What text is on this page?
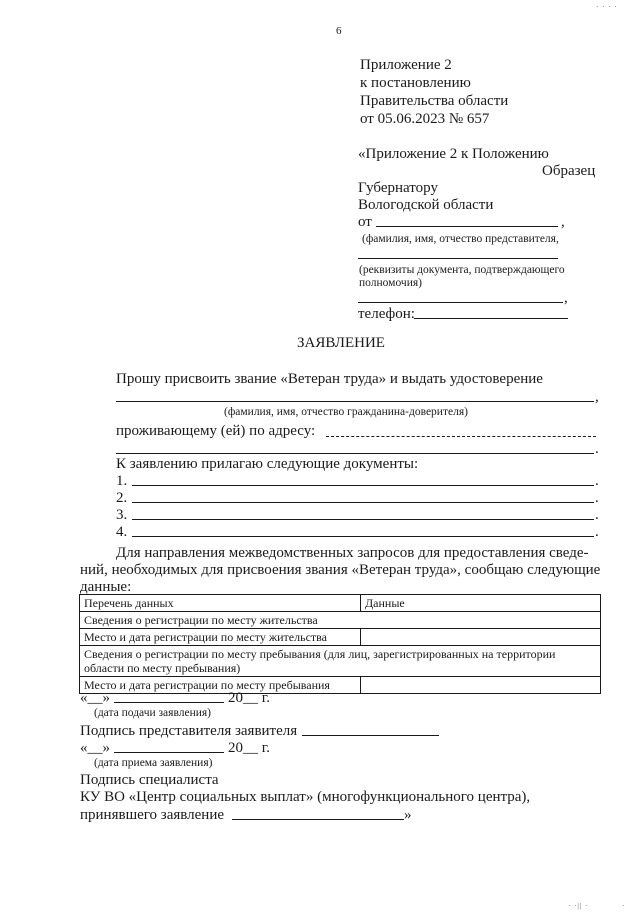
6
· · · ·
Приложение 2
к постановлению
Правительства области
от 05.06.2023 № 657
«Приложение 2 к Положению
Образец
Губернатору
Вологодской области
от	,
(фамилия, имя, отчество представителя,
(реквизиты документа, подтверждающего
полномочия)
,
телефон:
ЗАЯВЛЕНИЕ
Прошу присвоить звание «Ветеран труда» и выдать удостоверение
,
(фамилия, имя, отчество гражданина-доверителя)
проживающему (ей) по адресу:
.
К заявлению прилагаю следующие документы:
1.	.
2.	.
3.	.
4.	.
Для направления межведомственных запросов для предоставления сведе-
ний, необходимых для присвоения звания «Ветеран труда», сообщаю следующие
данные:
Перечень данных	Данные
Сведения о регистрации по месту жительства	
Место и дата регистрации по месту жительства	
Сведения о регистрации по месту пребывания (для лиц, зарегистрированных на территории области по месту пребывания)	
Место и дата регистрации по месту пребывания	
«__»	20__ г.
(дата подачи заявления)
Подпись представителя заявителя
«__»	20__ г.
(дата приема заявления)
Подпись специалиста
КУ ВО «Центр социальных выплат» (многофункционального центра),
принявшего заявление	»
· ·|| ·	·
